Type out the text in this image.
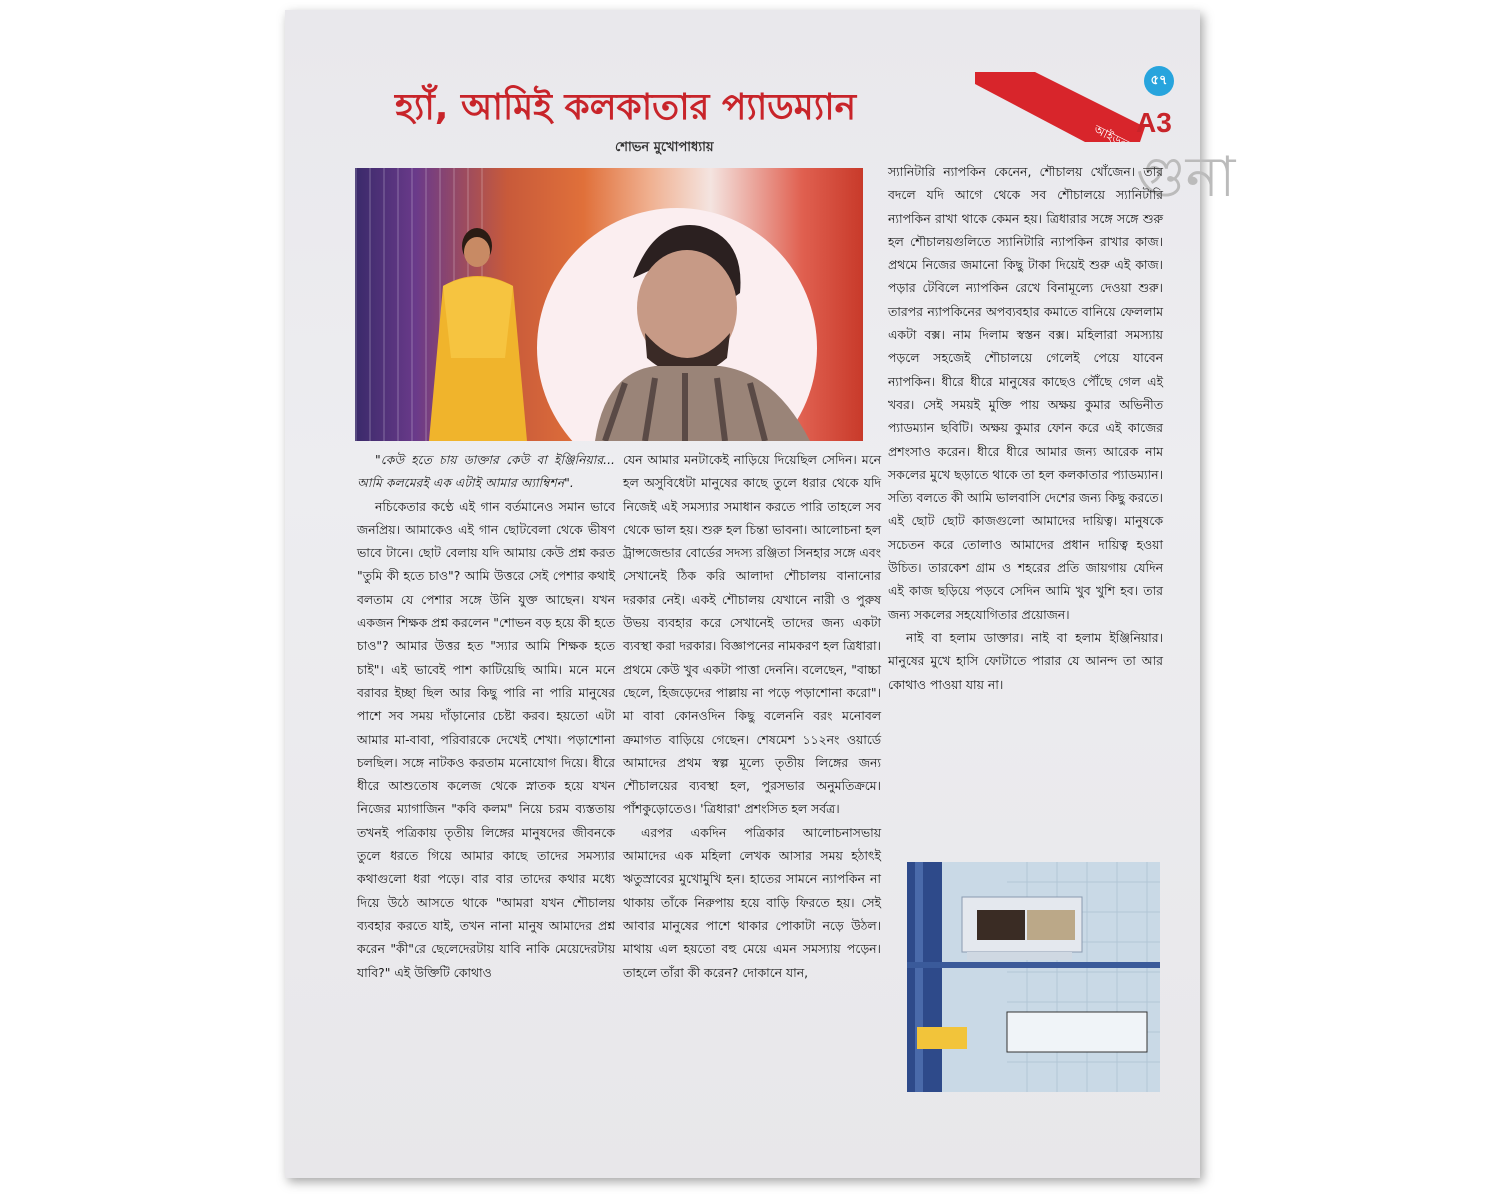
আইডল
৫৭
A3
গুনা
হ্যাঁ, আমিই কলকাতার প্যাডম্যান
শোভন মুখোপাধ্যায়

"কেউ হতে চায় ডাক্তার কেউ বা ইঞ্জিনিয়ার... আমি কলমেরই এক এটাই আমার অ্যাম্বিশন".

নচিকেতার কণ্ঠে এই গান বর্তমানেও সমান ভাবে জনপ্রিয়। আমাকেও এই গান ছোটবেলা থেকে ভীষণ ভাবে টানে। ছোট বেলায় যদি আমায় কেউ প্রশ্ন করত "তুমি কী হতে চাও"? আমি উত্তরে সেই পেশার কথাই বলতাম যে পেশার সঙ্গে উনি যুক্ত আছেন। যখন একজন শিক্ষক প্রশ্ন করলেন "শোভন বড় হয়ে কী হতে চাও"? আমার উত্তর হত "স্যার আমি শিক্ষক হতে চাই"। এই ভাবেই পাশ কাটিয়েছি আমি। মনে মনে বরাবর ইচ্ছা ছিল আর কিছু পারি না পারি মানুষের পাশে সব সময় দাঁড়ানোর চেষ্টা করব। হয়তো এটা আমার মা-বাবা, পরিবারকে দেখেই শেখা। পড়াশোনা চলছিল। সঙ্গে নাটকও করতাম মনোযোগ দিয়ে। ধীরে ধীরে আশুতোষ কলেজ থেকে স্নাতক হয়ে যখন নিজের ম্যাগাজিন "কবি কলম" নিয়ে চরম ব্যস্ততায় তখনই পত্রিকায় তৃতীয় লিঙ্গের মানুষদের জীবনকে তুলে ধরতে গিয়ে আমার কাছে তাদের সমস্যার কথাগুলো ধরা পড়ে। বার বার তাদের কথার মধ্যে দিয়ে উঠে আসতে থাকে "আমরা যখন শৌচালয় ব্যবহার করতে যাই, তখন নানা মানুষ আমাদের প্রশ্ন করেন "কী"রে ছেলেদেরটায় যাবি নাকি মেয়েদেরটায় যাবি?" এই উক্তিটি কোথাও

যেন আমার মনটাকেই নাড়িয়ে দিয়েছিল সেদিন। মনে হল অসুবিধেটা মানুষের কাছে তুলে ধরার থেকে যদি নিজেই এই সমস্যার সমাধান করতে পারি তাহলে সব থেকে ভাল হয়। শুরু হল চিন্তা ভাবনা। আলোচনা হল ট্রান্সজেন্ডার বোর্ডের সদস্য রঞ্জিতা সিনহার সঙ্গে এবং সেখানেই ঠিক করি আলাদা শৌচালয় বানানোর দরকার নেই। একই শৌচালয় যেখানে নারী ও পুরুষ উভয় ব্যবহার করে সেখানেই তাদের জন্য একটা ব্যবস্থা করা দরকার। বিজ্ঞাপনের নামকরণ হল ত্রিধারা। প্রথমে কেউ খুব একটা পাত্তা দেননি। বলেছেন, "বাচ্চা ছেলে, হিজড়েদের পাল্লায় না পড়ে পড়াশোনা করো"। মা বাবা কোনওদিন কিছু বলেননি বরং মনোবল ক্রমাগত বাড়িয়ে গেছেন। শেষমেশ ১১২নং ওয়ার্ডে আমাদের প্রথম স্বল্প মূল্যে তৃতীয় লিঙ্গের জন্য শৌচালয়ের ব্যবস্থা হল, পুরসভার অনুমতিক্রমে। পাঁশকুড়োতেও। 'ত্রিধারা' প্রশংসিত হল সর্বত্র।

এরপর একদিন পত্রিকার আলোচনাসভায় আমাদের এক মহিলা লেখক আসার সময় হঠাৎই ঋতুস্রাবের মুখোমুখি হন। হাতের সামনে ন্যাপকিন না থাকায় তাঁকে নিরুপায় হয়ে বাড়ি ফিরতে হয়। সেই আবার মানুষের পাশে থাকার পোকাটা নড়ে উঠল। মাথায় এল হয়তো বহু মেয়ে এমন সমস্যায় পড়েন। তাহলে তাঁরা কী করেন? দোকানে যান,

স্যানিটারি ন্যাপকিন কেনেন, শৌচালয় খোঁজেন। তার বদলে যদি আগে থেকে সব শৌচালয়ে স্যানিটারি ন্যাপকিন রাখা থাকে কেমন হয়। ত্রিধারার সঙ্গে সঙ্গে শুরু হল শৌচালয়গুলিতে স্যানিটারি ন্যাপকিন রাখার কাজ। প্রথমে নিজের জমানো কিছু টাকা দিয়েই শুরু এই কাজ। পড়ার টেবিলে ন্যাপকিন রেখে বিনামূল্যে দেওয়া শুরু। তারপর ন্যাপকিনের অপব্যবহার কমাতে বানিয়ে ফেললাম একটা বক্স। নাম দিলাম স্বস্তন বক্স। মহিলারা সমস্যায় পড়লে সহজেই শৌচালয়ে গেলেই পেয়ে যাবেন ন্যাপকিন। ধীরে ধীরে মানুষের কাছেও পৌঁছে গেল এই খবর। সেই সময়ই মুক্তি পায় অক্ষয় কুমার অভিনীত প্যাডম্যান ছবিটি। অক্ষয় কুমার ফোন করে এই কাজের প্রশংসাও করেন। ধীরে ধীরে আমার জন্য আরেক নাম সকলের মুখে ছড়াতে থাকে তা হল কলকাতার প্যাডম্যান। সত্যি বলতে কী আমি ভালবাসি দেশের জন্য কিছু করতে। এই ছোট ছোট কাজগুলো আমাদের দায়িত্ব। মানুষকে সচেতন করে তোলাও আমাদের প্রধান দায়িত্ব হওয়া উচিত। তারকেশ গ্রাম ও শহরের প্রতি জায়গায় যেদিন এই কাজ ছড়িয়ে পড়বে সেদিন আমি খুব খুশি হব। তার জন্য সকলের সহযোগিতার প্রয়োজন।

নাই বা হলাম ডাক্তার। নাই বা হলাম ইঞ্জিনিয়ার। মানুষের মুখে হাসি ফোটাতে পারার যে আনন্দ তা আর কোথাও পাওয়া যায় না।
